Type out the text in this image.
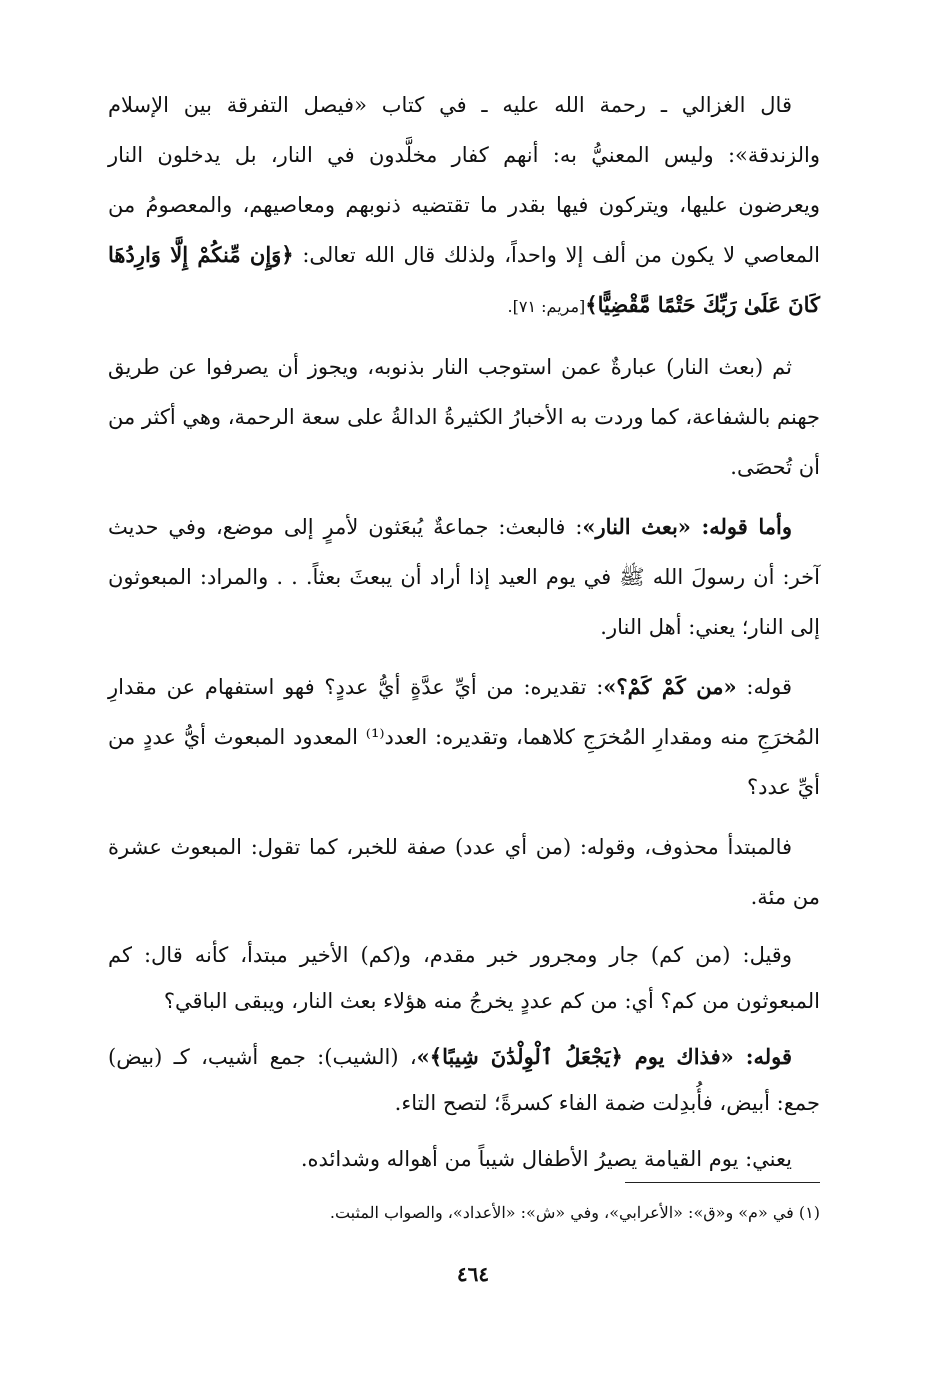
قال الغزالي ـ رحمة الله عليه ـ في كتاب «فيصل التفرقة بين الإسلام والزندقة»: وليس المعنيُّ به: أنهم كفار مخلَّدون في النار، بل يدخلون النار ويعرضون عليها، ويتركون فيها بقدر ما تقتضيه ذنوبهم ومعاصيهم، والمعصومُ من المعاصي لا يكون من ألف إلا واحداً، ولذلك قال الله تعالى: ﴿وَإِن مِّنكُمْ إِلَّا وَارِدُهَا كَانَ عَلَىٰ رَبِّكَ حَتْمًا مَّقْضِيًّا﴾[مريم: ٧١].

ثم (بعث النار) عبارةٌ عمن استوجب النار بذنوبه، ويجوز أن يصرفوا عن طريق جهنم بالشفاعة، كما وردت به الأخبارُ الكثيرةُ الدالةُ على سعة الرحمة، وهي أكثر من أن تُحصَى.

وأما قوله: «بعث النار»: فالبعث: جماعةٌ يُبعَثون لأمرٍ إلى موضع، وفي حديث آخر: أن رسولَ الله ﷺ في يوم العيد إذا أراد أن يبعثَ بعثاً. . . والمراد: المبعوثون إلى النار؛ يعني: أهل النار.

قوله: «من كَمْ كَمْ؟»: تقديره: من أيِّ عدَّةٍ أيُّ عددٍ؟ فهو استفهام عن مقدارِ المُخرَجِ منه ومقدارِ المُخرَجِ كلاهما، وتقديره: العدد⁽¹⁾ المعدود المبعوث أيُّ عددٍ من أيِّ عدد؟

فالمبتدأ محذوف، وقوله: (من أي عدد) صفة للخبر، كما تقول: المبعوث عشرة من مئة.

وقيل: (من كم) جار ومجرور خبر مقدم، و(كم) الأخير مبتدأ، كأنه قال: كم المبعوثون من كم؟ أي: من كم عددٍ يخرجُ منه هؤلاء بعث النار، ويبقى الباقي؟

قوله: «فذاك يوم ﴿يَجْعَلُ ٱلْوِلْدَٰنَ شِيبًا﴾»، (الشيب): جمع أشيب، كـ (بيض) جمع: أبيض، فأُبدِلت ضمة الفاء كسرةً؛ لتصح التاء.

يعني: يوم القيامة يصيرُ الأطفال شيباً من أهواله وشدائده.

(١) في «م» و«ق»: «الأعرابي»، وفي «ش»: «الأعداد»، والصواب المثبت.
٤٦٤
